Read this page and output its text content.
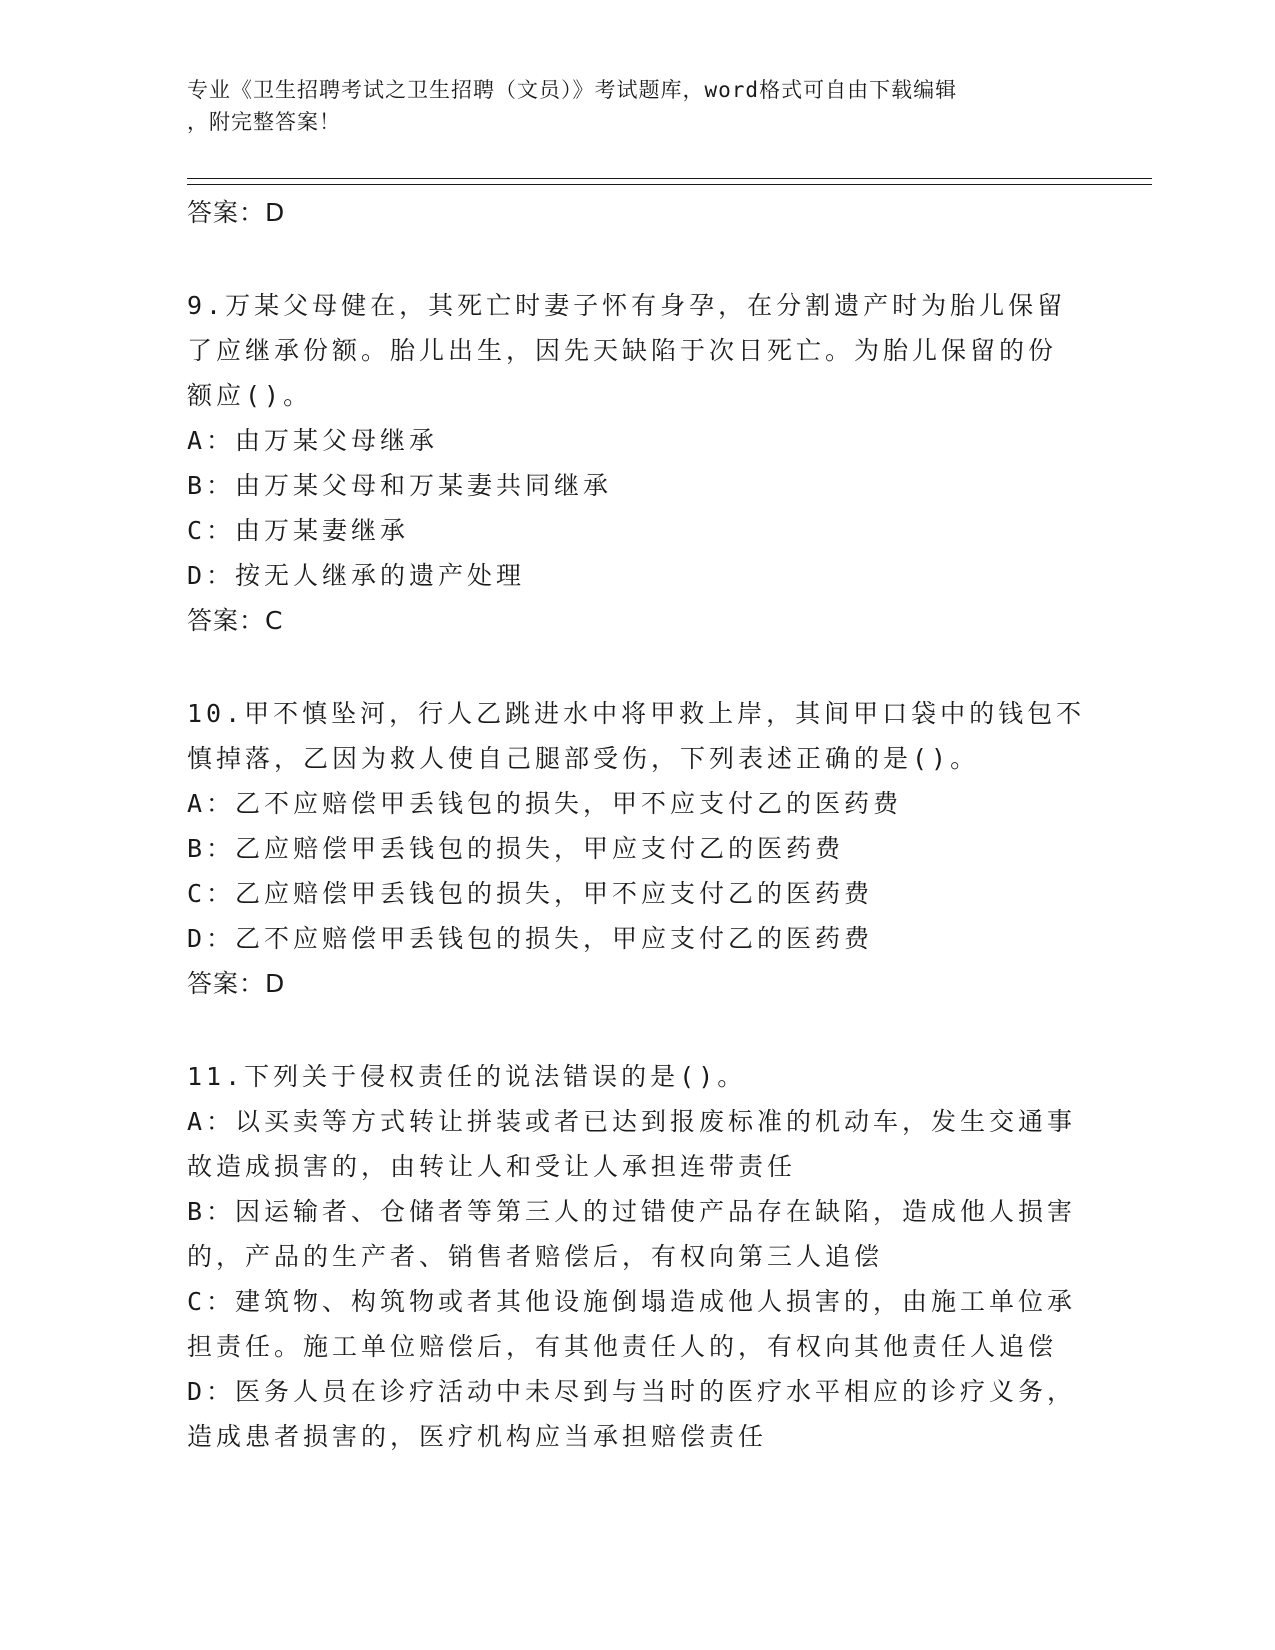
专业《卫生招聘考试之卫生招聘（文员）》考试题库，word格式可自由下载编辑
，附完整答案！
答案：D
9.万某父母健在，其死亡时妻子怀有身孕，在分割遗产时为胎儿保留
了应继承份额。胎儿出生，因先天缺陷于次日死亡。为胎儿保留的份
额应()。
A：由万某父母继承
B：由万某父母和万某妻共同继承
C：由万某妻继承
D：按无人继承的遗产处理
答案：C
10.甲不慎坠河，行人乙跳进水中将甲救上岸，其间甲口袋中的钱包不
慎掉落，乙因为救人使自己腿部受伤，下列表述正确的是()。
A：乙不应赔偿甲丢钱包的损失，甲不应支付乙的医药费
B：乙应赔偿甲丢钱包的损失，甲应支付乙的医药费
C：乙应赔偿甲丢钱包的损失，甲不应支付乙的医药费
D：乙不应赔偿甲丢钱包的损失，甲应支付乙的医药费
答案：D
11.下列关于侵权责任的说法错误的是()。
A：以买卖等方式转让拼装或者已达到报废标准的机动车，发生交通事
故造成损害的，由转让人和受让人承担连带责任
B：因运输者、仓储者等第三人的过错使产品存在缺陷，造成他人损害
的，产品的生产者、销售者赔偿后，有权向第三人追偿
C：建筑物、构筑物或者其他设施倒塌造成他人损害的，由施工单位承
担责任。施工单位赔偿后，有其他责任人的，有权向其他责任人追偿
D：医务人员在诊疗活动中未尽到与当时的医疗水平相应的诊疗义务，
造成患者损害的，医疗机构应当承担赔偿责任
